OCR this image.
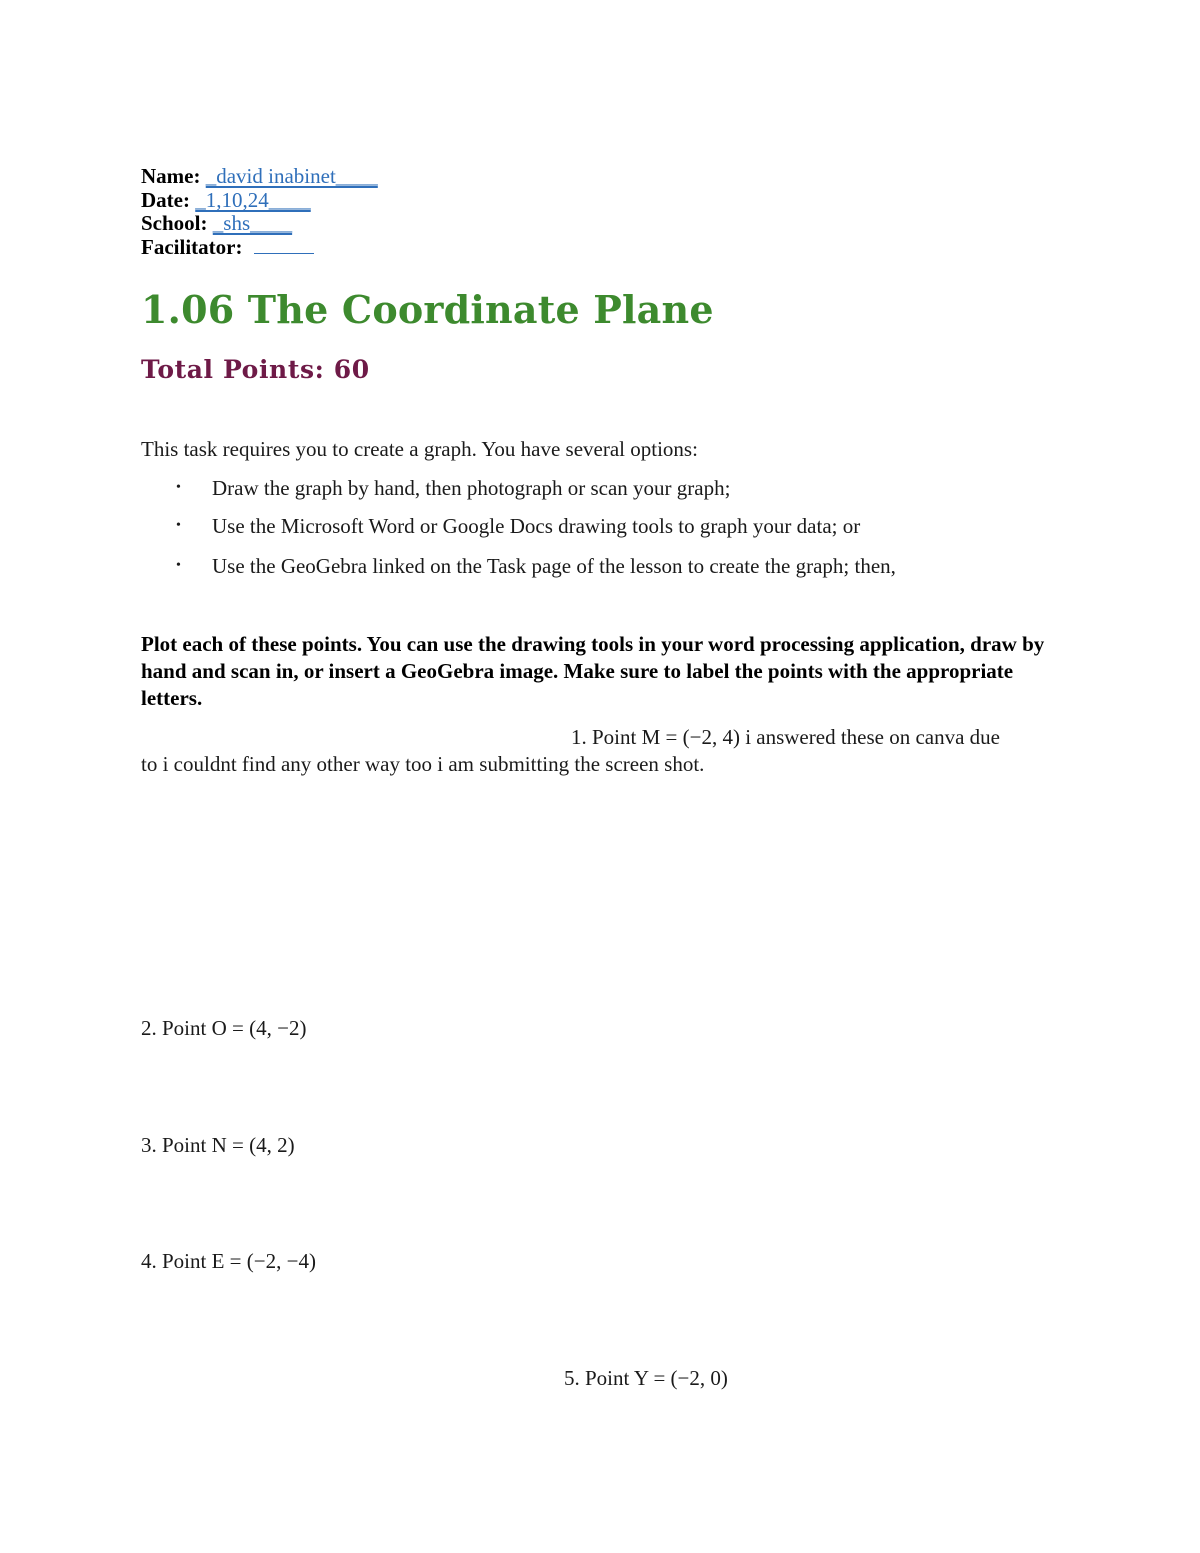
Name: _david inabinet____
Date: _1,10,24____
School: _shs____
Facilitator:
1.06 The Coordinate Plane
Total Points: 60
This task requires you to create a graph. You have several options:
• Draw the graph by hand, then photograph or scan your graph;
• Use the Microsoft Word or Google Docs drawing tools to graph your data; or
• Use the GeoGebra linked on the Task page of the lesson to create the graph; then,
Plot each of these points. You can use the drawing tools in your word processing application, draw by hand and scan in, or insert a GeoGebra image. Make sure to label the points with the appropriate letters.
1. Point M = (−2, 4) i answered these on canva due
to i couldnt find any other way too i am submitting the screen shot.
2. Point O = (4, −2)
3. Point N = (4, 2)
4. Point E = (−2, −4)
5. Point Y = (−2, 0)
